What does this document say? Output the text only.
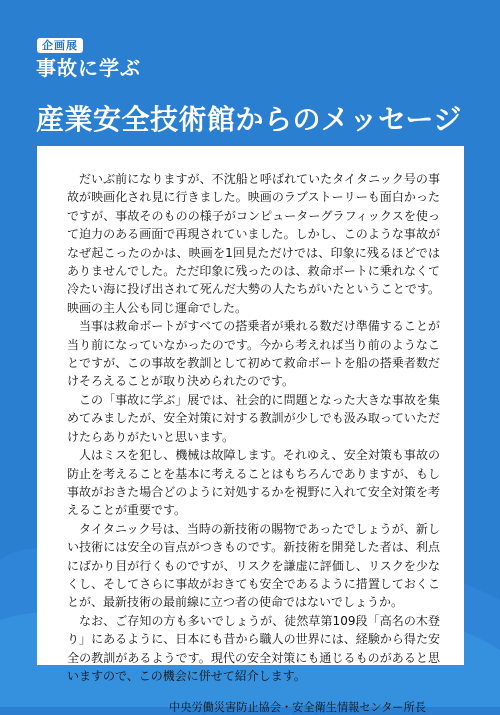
企画展
事故に学ぶ
産業安全技術館からのメッセージ

だいぶ前になりますが、不沈船と呼ばれていたタイタニック号の事故が映画化され見に行きました。映画のラブストーリーも面白かったですが、事故そのものの様子がコンピューターグラフィックスを使って迫力のある画面で再現されていました。しかし、このような事故がなぜ起こったのかは、映画を1回見ただけでは、印象に残るほどではありませんでした。ただ印象に残ったのは、救命ボートに乗れなくて冷たい海に投げ出されて死んだ大勢の人たちがいたということです。映画の主人公も同じ運命でした。

当事は救命ボートがすべての搭乗者が乗れる数だけ準備することが当り前になっていなかったのです。今から考えれば当り前のようなことですが、この事故を教訓として初めて救命ボートを船の搭乗者数だけそろえることが取り決められたのです。

この「事故に学ぶ」展では、社会的に問題となった大きな事故を集めてみましたが、安全対策に対する教訓が少しでも汲み取っていただけたらありがたいと思います。

人はミスを犯し、機械は故障します。それゆえ、安全対策も事故の防止を考えることを基本に考えることはもちろんでありますが、もし事故がおきた場合どのように対処するかを視野に入れて安全対策を考えることが重要です。

タイタニック号は、当時の新技術の賜物であったでしょうが、新しい技術には安全の盲点がつきものです。新技術を開発した者は、利点にばかり目が行くものですが、リスクを謙虚に評価し、リスクを少なくし、そしてさらに事故がおきても安全であるように措置しておくことが、最新技術の最前線に立つ者の使命ではないでしょうか。

なお、ご存知の方も多いでしょうが、徒然草第109段「高名の木登り」にあるように、日本にも昔から職人の世界には、経験から得た安全の教訓があるようです。現代の安全対策にも通じるものがあると思いますので、この機会に併せて紹介します。

中央労働災害防止協会・安全衛生情報センター所長
